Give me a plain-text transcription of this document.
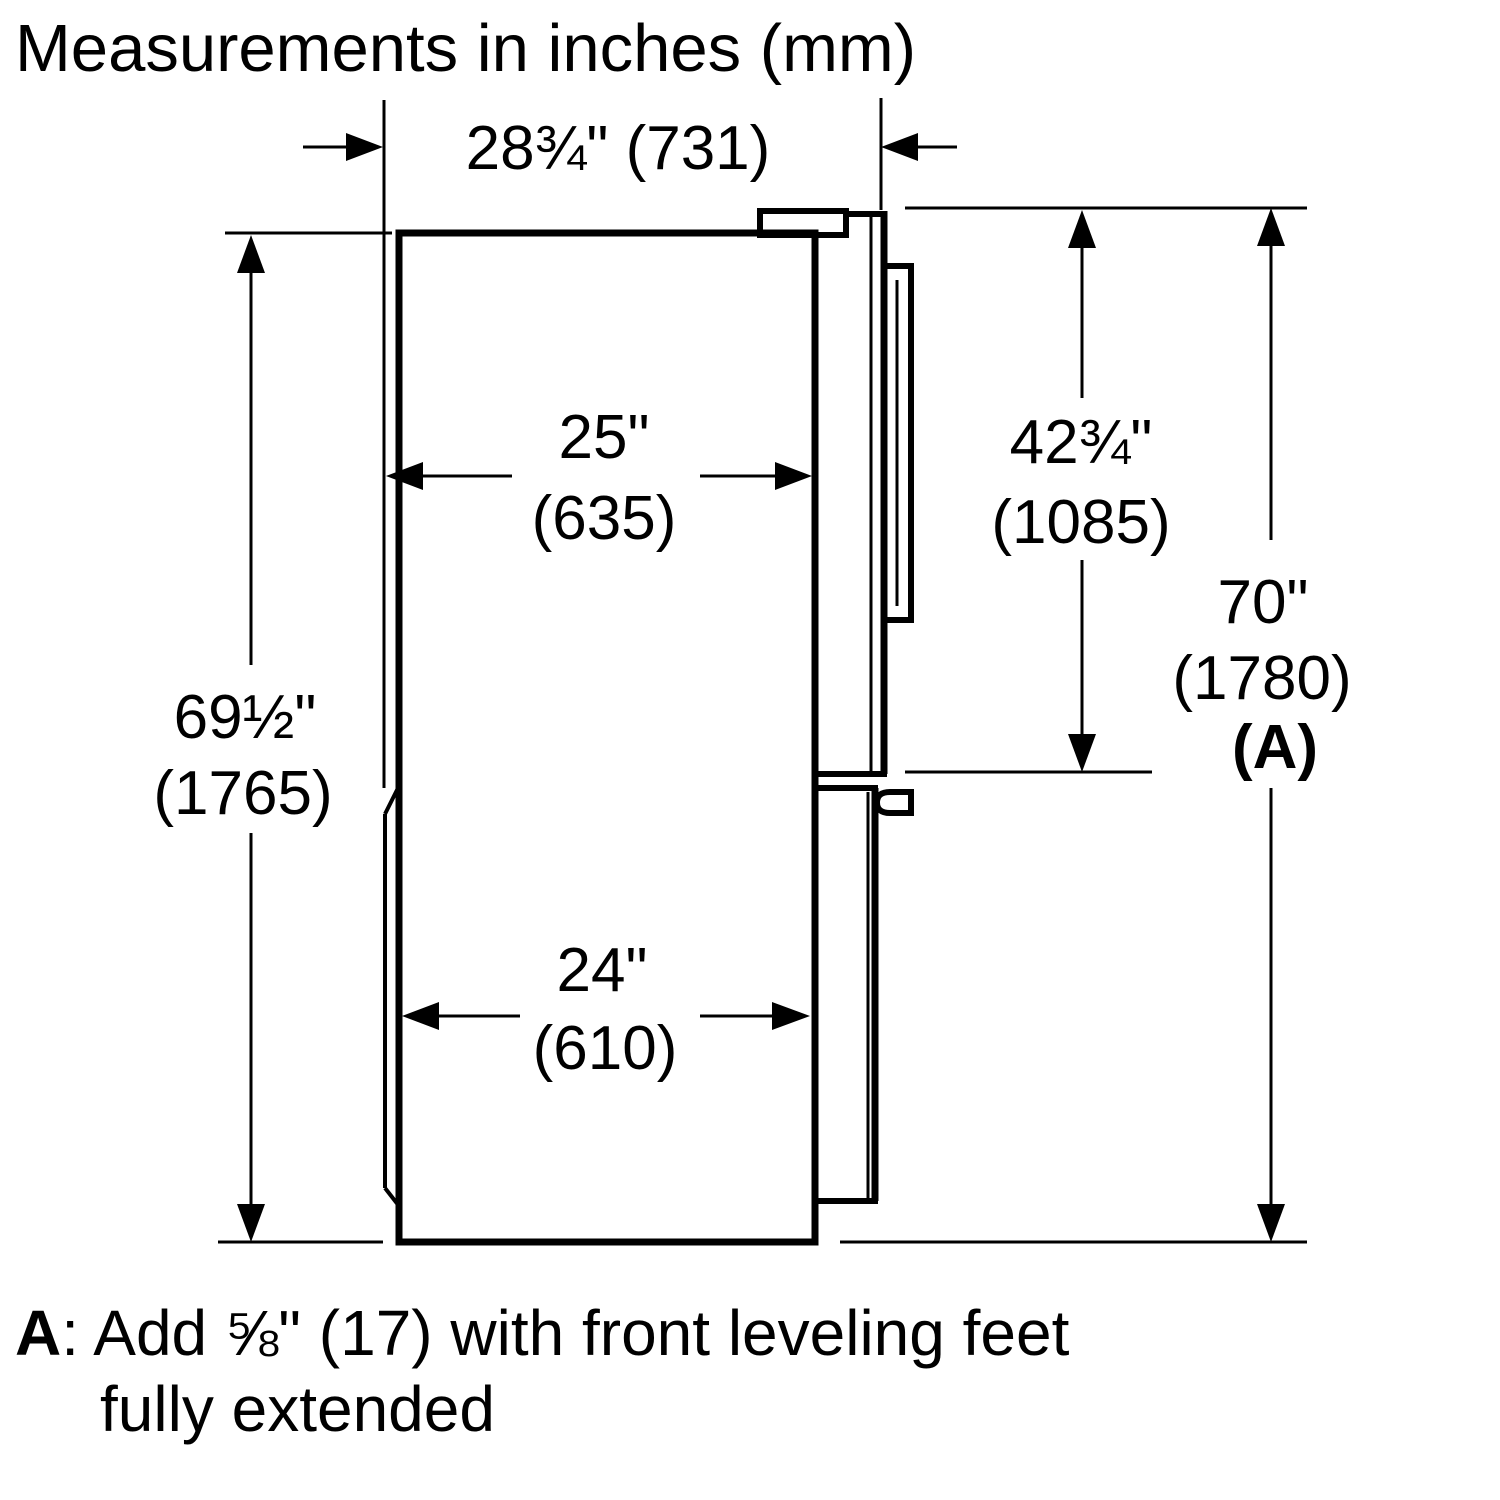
28¾" (731)
25"
(635)
42¾"
(1085)
70"
(1780)
(A)
69½"
(1765)
24"
(610)
Measurements in inches (mm)
A: Add ⅝" (17) with front leveling feet
fully extended
